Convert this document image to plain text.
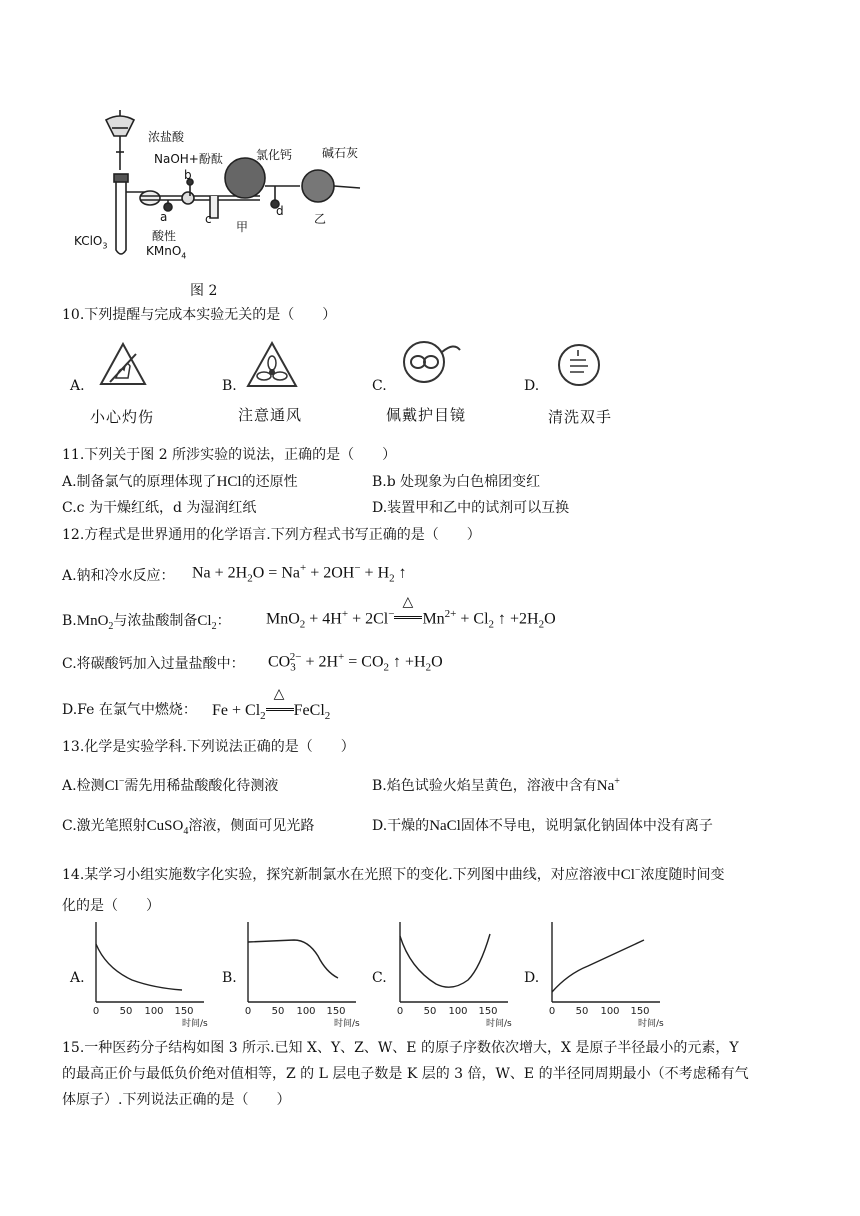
浓盐酸
NaOH+酚酞
b
氯化钙 碱石灰
KClO$_3$
a
酸性
KMnO$_4$
c
甲
d
乙
图 2
10.下列提醒与完成本实验无关的是（　　）
A.
小心灼伤
B.
注意通风
C.
佩戴护目镜
D.
清洗双手
11.下列关于图 2 所涉实验的说法，正确的是（　　）
A.制备氯气的原理体现了HCl的还原性	B.b 处现象为白色棉团变红
C.c 为干燥红纸，d 为湿润红纸	D.装置甲和乙中的试剂可以互换
12.方程式是世界通用的化学语言.下列方程式书写正确的是（　　）
A.钠和冷水反应： $Na + 2H_2O = Na^+ + 2OH^- + H_2$ ↑
B.MnO$_2$与浓盐酸制备$Cl_2$： MnO$_2$ + 4H+ + 2Cl−
△
$Mn^{2+} + Cl_2$ ↑ $+2H_2O$
C.将碳酸钙加入过量盐酸中： $CO_3^{2-} + 2H^+ = CO_2$ ↑ $+H_2O$
D.Fe 在氯气中燃烧： $Fe + Cl_2$
△
FeCl$_2$
13.化学是实验学科.下列说法正确的是（　　）
A.检测Cl−需先用稀盐酸酸化待测液	B.焰色试验火焰呈黄色，溶液中含有Na+
C.激光笔照射CuSO$_4$溶液，侧面可见光路	D.干燥的NaCl固体不导电，说明氯化钠固体中没有离子
14.某学习小组实施数字化实验，探究新制氯水在光照下的变化.下列图中曲线，对应溶液中Cl−浓度随时间变
化的是（　　）
A.	B.	C.	D.
0 50 100 150
时间/s
0 50 100 150
时间/s
0 50 100 150
时间/s
0 50 100 150
时间/s
15.一种医药分子结构如图 3 所示.已知 X、Y、Z、W、E 的原子序数依次增大，X 是原子半径最小的元素，Y
的最高正价与最低负价绝对值相等，Z 的 L 层电子数是 K 层的 3 倍，W、E 的半径同周期最小（不考虑稀有气
体原子）.下列说法正确的是（　　）
